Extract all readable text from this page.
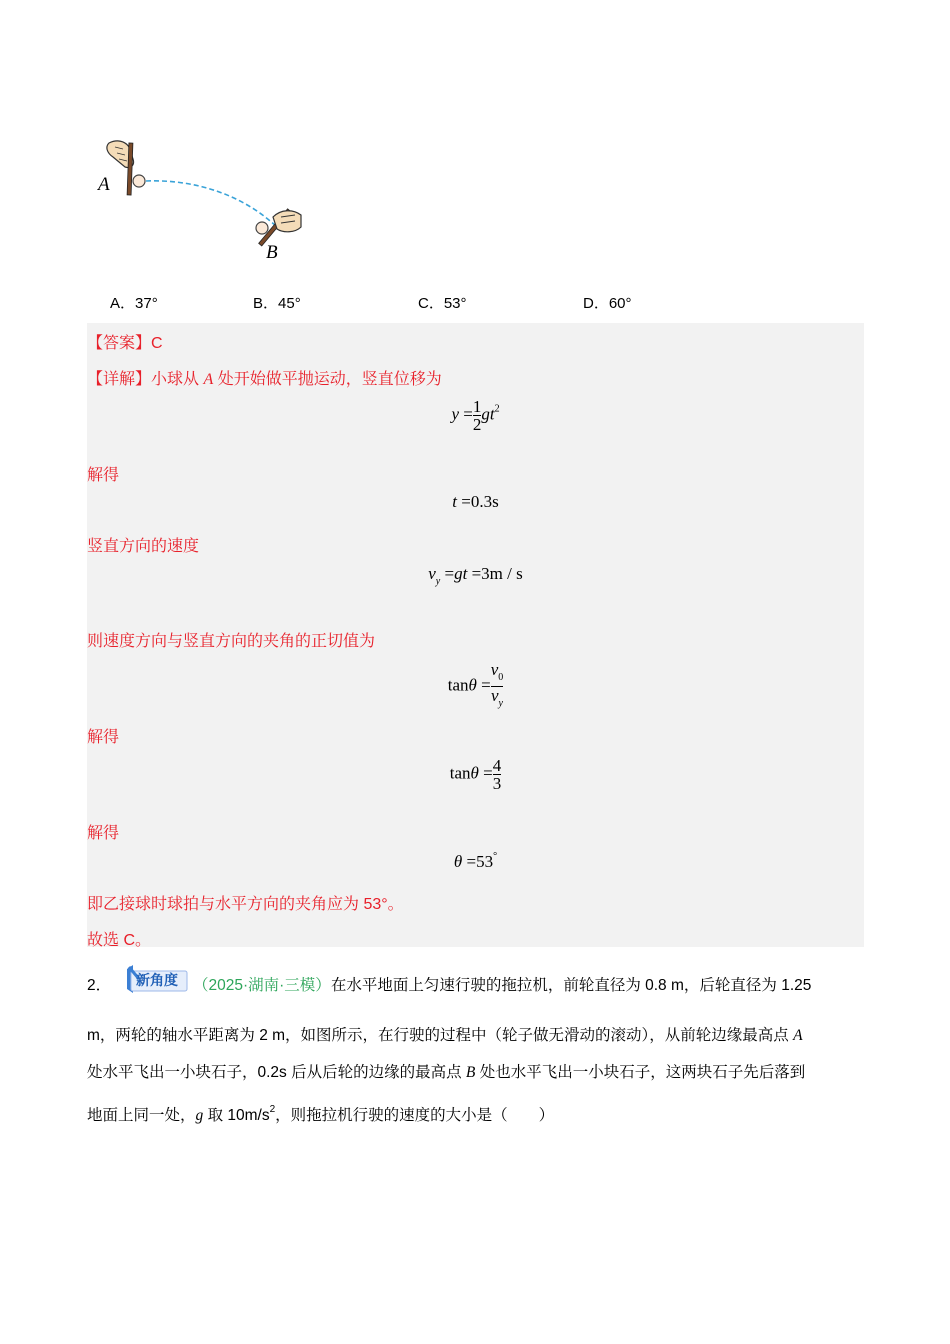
A
B
A．37°	B．45°	C．53°	D．60°
【答案】C
【详解】小球从 A 处开始做平抛运动，竖直位移为
$y = \frac{1}{2} gt^2$
解得
t =0.3s
竖直方向的速度
$v_y =gt =3m / s$
则速度方向与竖直方向的夹角的正切值为
$\tan\theta = \frac{v_0}{v_y}$
解得
$\tan\theta = \frac{4}{3}$
解得
θ =53°
即乙接球时球拍与水平方向的夹角应为 53°。
故选 C。
2． 新角度 （2025·湖南·三模）在水平地面上匀速行驶的拖拉机，前轮直径为 0.8 m，后轮直径为 1.25
m，两轮的轴水平距离为 2 m，如图所示，在行驶的过程中（轮子做无滑动的滚动），从前轮边缘最高点 A
处水平飞出一小块石子，0.2s 后从后轮的边缘的最高点 B 处也水平飞出一小块石子，这两块石子先后落到
地面上同一处，g 取 $10m/s^2$，则拖拉机行驶的速度的大小是（　　）
